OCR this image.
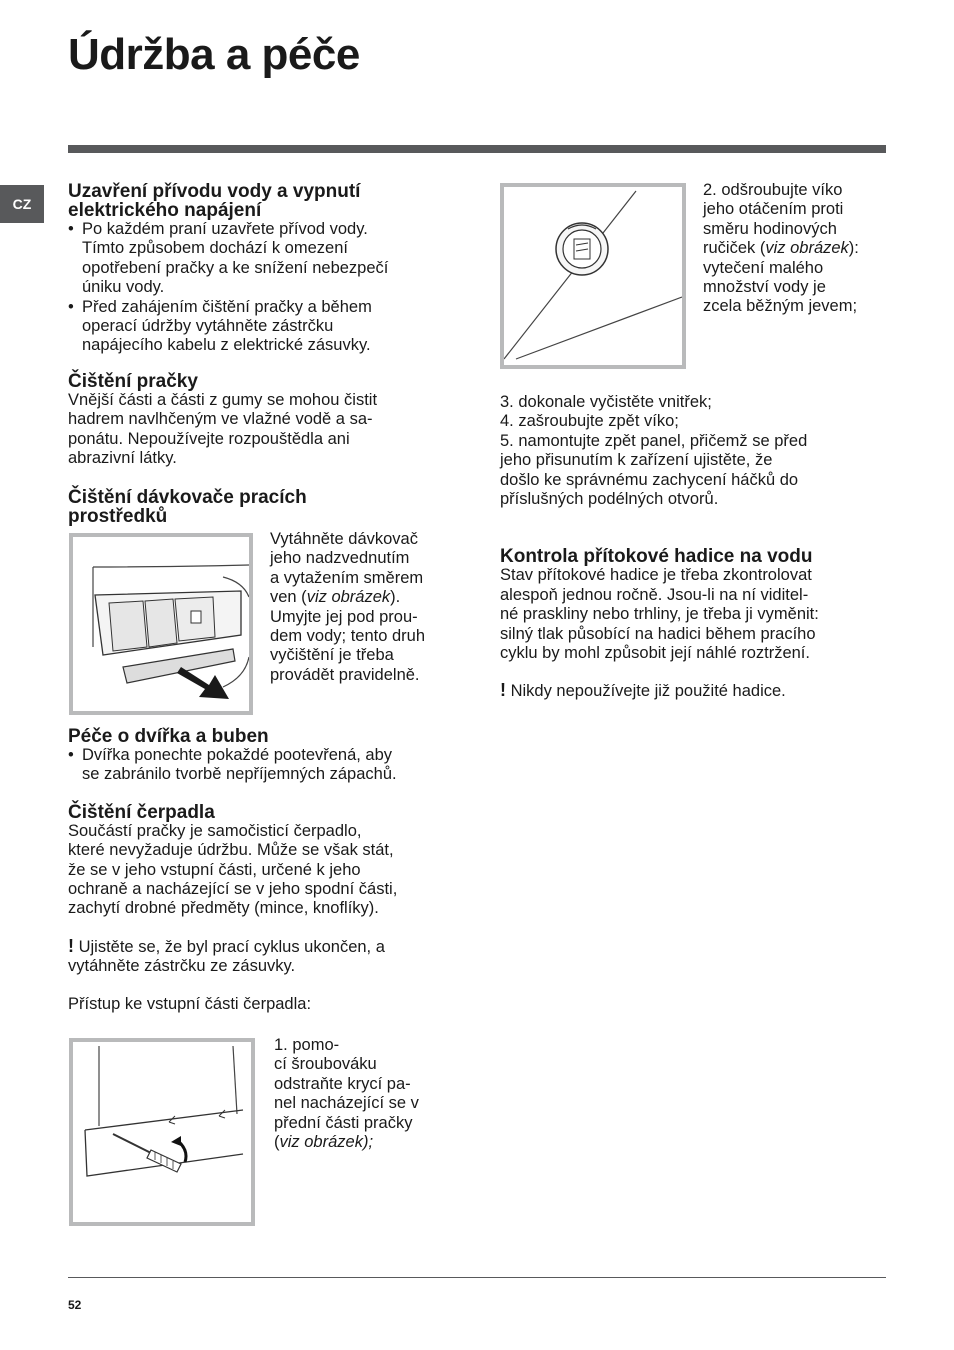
Údržba a péče
CZ
Uzavření přívodu vody a vypnutí
elektrického napájení
• Po každém praní uzavřete přívod vody.
Tímto způsobem dochází k omezení
opotřebení pračky a ke snížení nebezpečí
úniku vody.
• Před zahájením čištění pračky a během
operací údržby vytáhněte zástrčku
napájecího kabelu z elektrické zásuvky.
Čištění pračky

Vnější části a části z gumy se mohou čistit
hadrem navlhčeným ve vlažné vodě a sa-
ponátu. Nepoužívejte rozpouštědla ani
abrazivní látky.

Čištění dávkovače pracích
prostředků

Vytáhněte dávkovač
jeho nadzvednutím
a vytažením směrem
ven (viz obrázek).
Umyjte jej pod prou-
dem vody; tento druh
vyčištění je třeba
provádět pravidelně.

Péče o dvířka a buben
• Dvířka ponechte pokaždé pootevřená, aby
se zabránilo tvorbě nepříjemných zápachů.
Čištění čerpadla

Součástí pračky je samočisticí čerpadlo,
které nevyžaduje údržbu. Může se však stát,
že se v jeho vstupní části, určené k jeho
ochraně a nacházející se v jeho spodní části,
zachytí drobné předměty (mince, knoflíky).

! Ujistěte se, že byl prací cyklus ukončen, a
vytáhněte zástrčku ze zásuvky.

Přístup ke vstupní části čerpadla:

1. pomo-
cí šroubováku
odstraňte krycí pa-
nel nacházející se v
přední části pračky
(viz obrázek);

2. odšroubujte víko
jeho otáčením proti
směru hodinových
ručiček (viz obrázek):
vytečení malého
množství vody je
zcela běžným jevem;

3. dokonale vyčistěte vnitřek;
4. zašroubujte zpět víko;
5. namontujte zpět panel, přičemž se před
jeho přisunutím k zařízení ujistěte, že
došlo ke správnému zachycení háčků do
příslušných podélných otvorů.

Kontrola přítokové hadice na vodu

Stav přítokové hadice je třeba zkontrolovat
alespoň jednou ročně. Jsou-li na ní viditel-
né praskliny nebo trhliny, je třeba ji vyměnit:
silný tlak působící na hadici během pracího
cyklu by mohl způsobit její náhlé roztržení.

! Nikdy nepoužívejte již použité hadice.

52
